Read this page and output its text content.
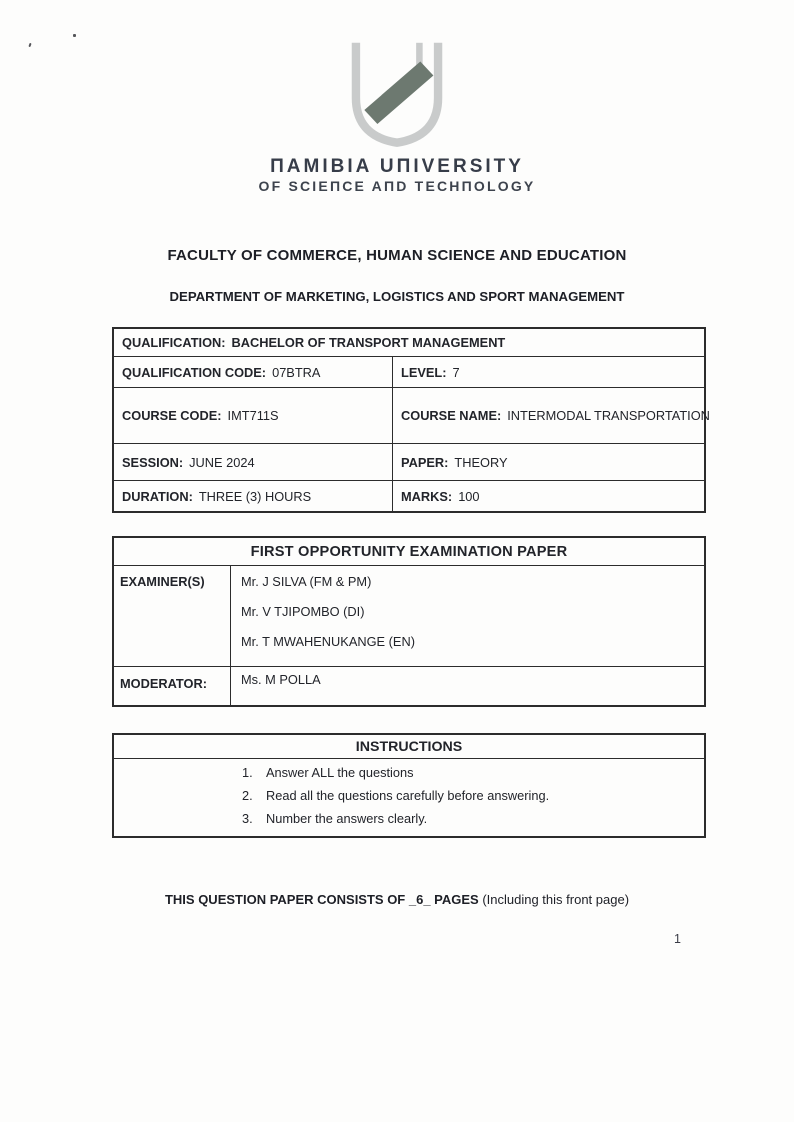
ΠAMIBIA UΠIVERSITY
OF SCIEΠCE AΠD TECHΠOLOGY
FACULTY OF COMMERCE, HUMAN SCIENCE AND EDUCATION
DEPARTMENT OF MARKETING, LOGISTICS AND SPORT MANAGEMENT
QUALIFICATION: BACHELOR OF TRANSPORT MANAGEMENT
QUALIFICATION CODE: 07BTRA	LEVEL: 7
COURSE CODE: IMT711S	COURSE NAME: INTERMODAL TRANSPORTATION
SESSION: JUNE 2024	PAPER: THEORY
DURATION: THREE (3) HOURS	MARKS: 100
FIRST OPPORTUNITY EXAMINATION PAPER
EXAMINER(S)	Mr. J SILVA (FM & PM)

Mr. V TJIPOMBO (DI)

Mr. T MWAHENUKANGE (EN)

MODERATOR:	Ms. M POLLA
INSTRUCTIONS
1.	Answer ALL the questions
2.	Read all the questions carefully before answering.
3.	Number the answers clearly.
THIS QUESTION PAPER CONSISTS OF _6_ PAGES (Including this front page)
1
